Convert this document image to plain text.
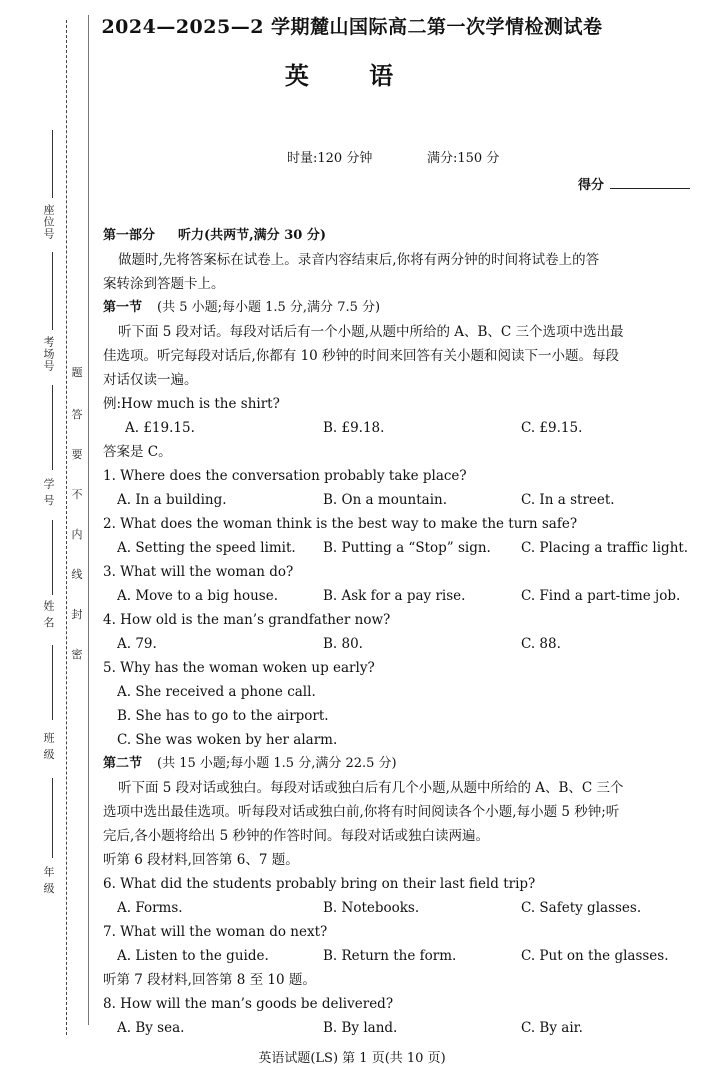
座位号
考场号
学 号
姓 名
班 级
年 级
题
答
要
不
内
线
封
密
2024—2025—2 学期麓山国际高二第一次学情检测试卷
英 语
时量:120 分钟	满分:150 分
得分
第一部分 听力(共两节,满分 30 分)
做题时,先将答案标在试卷上。录音内容结束后,你将有两分钟的时间将试卷上的答
案转涂到答题卡上。
第一节 (共 5 小题;每小题 1.5 分,满分 7.5 分)
听下面 5 段对话。每段对话后有一个小题,从题中所给的 A、B、C 三个选项中选出最
佳选项。听完每段对话后,你都有 10 秒钟的时间来回答有关小题和阅读下一小题。每段
对话仅读一遍。
例:How much is the shirt?
A. £19.15.	B. £9.18.	C. £9.15.
答案是 C。
1. Where does the conversation probably take place?
A. In a building.	B. On a mountain.	C. In a street.
2. What does the woman think is the best way to make the turn safe?
A. Setting the speed limit. B. Putting a “Stop” sign. C. Placing a traffic light.
3. What will the woman do?
A. Move to a big house.	B. Ask for a pay rise.	C. Find a part-time job.
4. How old is the man’s grandfather now?
A. 79.	B. 80.	C. 88.
5. Why has the woman woken up early?
A. She received a phone call.
B. She has to go to the airport.
C. She was woken by her alarm.
第二节 (共 15 小题;每小题 1.5 分,满分 22.5 分)
听下面 5 段对话或独白。每段对话或独白后有几个小题,从题中所给的 A、B、C 三个
选项中选出最佳选项。听每段对话或独白前,你将有时间阅读各个小题,每小题 5 秒钟;听
完后,各小题将给出 5 秒钟的作答时间。每段对话或独白读两遍。
听第 6 段材料,回答第 6、7 题。
6. What did the students probably bring on their last field trip?
A. Forms.	B. Notebooks.	C. Safety glasses.
7. What will the woman do next?
A. Listen to the guide.	B. Return the form.	C. Put on the glasses.
听第 7 段材料,回答第 8 至 10 题。
8. How will the man’s goods be delivered?
A. By sea.	B. By land.	C. By air.
英语试题(LS) 第 1 页(共 10 页)
